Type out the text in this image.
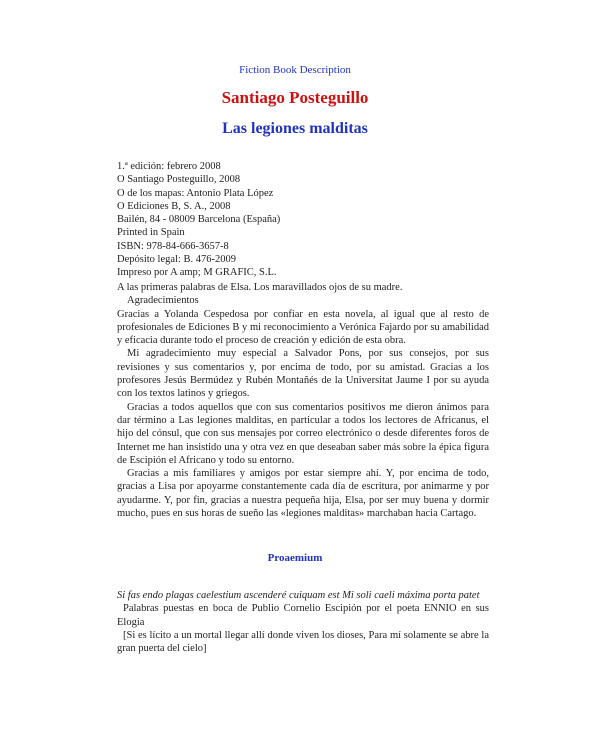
Fiction Book Description
Santiago Posteguillo
Las legiones malditas
1.ª edición: febrero 2008
O Santiago Posteguillo, 2008
O de los mapas: Antonio Plata López
O Ediciones B, S. A., 2008
Bailén, 84 - 08009 Barcelona (España)
Printed in Spain
ISBN: 978-84-666-3657-8
Depósito legal: B. 476-2009
Impreso por A amp; M GRAFIC, S.L.

A las primeras palabras de Elsa. Los maravillados ojos de su madre.

Agradecimientos

Gracias a Yolanda Cespedosa por confiar en esta novela, al igual que al resto de profesionales de Ediciones B y mi reconocimiento a Verónica Fajardo por su amabilidad y eficacia durante todo el proceso de creación y edición de esta obra.

Mi agradecimiento muy especial a Salvador Pons, por sus consejos, por sus revisiones y sus comentarios y, por encima de todo, por su amistad. Gracias a los profesores Jesús Bermúdez y Rubén Montañés de la Universitat Jaume I por su ayuda con los textos latinos y griegos.

Gracias a todos aquellos que con sus comentarios positivos me dieron ánimos para dar término a Las legiones malditas, en particular a todos los lectores de Africanus, el hijo del cónsul, que con sus mensajes por correo electrónico o desde diferentes foros de Internet me han insistido una y otra vez en que deseaban saber más sobre la épica figura de Escipión el Africano y todo su entorno.

Gracias a mis familiares y amigos por estar siempre ahí. Y, por encima de todo, gracias a Lisa por apoyarme constantemente cada día de escritura, por animarme y por ayudarme. Y, por fin, gracias a nuestra pequeña hija, Elsa, por ser muy buena y dormir mucho, pues en sus horas de sueño las «legiones malditas» marchaban hacia Cartago.

Proaemium

Si fas endo plagas caelestium ascenderé cuiquam est Mi soli caeli máxima porta patet

Palabras puestas en boca de Publio Cornelio Escipión por el poeta ENNIO en sus Elogia

[Si es lícito a un mortal llegar allí donde viven los dioses, Para mí solamente se abre la gran puerta del cielo]
